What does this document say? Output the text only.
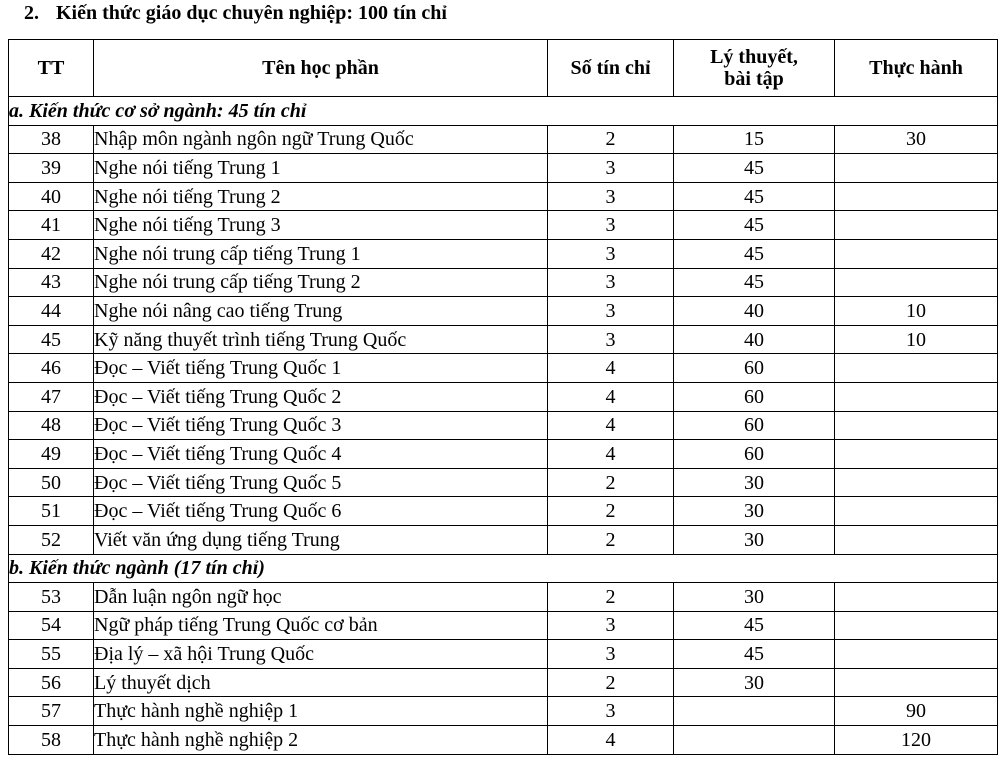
2. Kiến thức giáo dục chuyên nghiệp: 100 tín chỉ
TT	Tên học phần	Số tín chỉ	Lý thuyết,
bài tập	Thực hành
a. Kiến thức cơ sở ngành: 45 tín chỉ				
38	Nhập môn ngành ngôn ngữ Trung Quốc	2	15	30
39	Nghe nói tiếng Trung 1	3	45	
40	Nghe nói tiếng Trung 2	3	45	
41	Nghe nói tiếng Trung 3	3	45	
42	Nghe nói trung cấp tiếng Trung 1	3	45	
43	Nghe nói trung cấp tiếng Trung 2	3	45	
44	Nghe nói nâng cao tiếng Trung	3	40	10
45	Kỹ năng thuyết trình tiếng Trung Quốc	3	40	10
46	Đọc – Viết tiếng Trung Quốc 1	4	60	
47	Đọc – Viết tiếng Trung Quốc 2	4	60	
48	Đọc – Viết tiếng Trung Quốc 3	4	60	
49	Đọc – Viết tiếng Trung Quốc 4	4	60	
50	Đọc – Viết tiếng Trung Quốc 5	2	30	
51	Đọc – Viết tiếng Trung Quốc 6	2	30	
52	Viết văn ứng dụng tiếng Trung	2	30	
b. Kiến thức ngành (17 tín chỉ)				
53	Dẫn luận ngôn ngữ học	2	30	
54	Ngữ pháp tiếng Trung Quốc cơ bản	3	45	
55	Địa lý – xã hội Trung Quốc	3	45	
56	Lý thuyết dịch	2	30	
57	Thực hành nghề nghiệp 1	3		90
58	Thực hành nghề nghiệp 2	4		120
